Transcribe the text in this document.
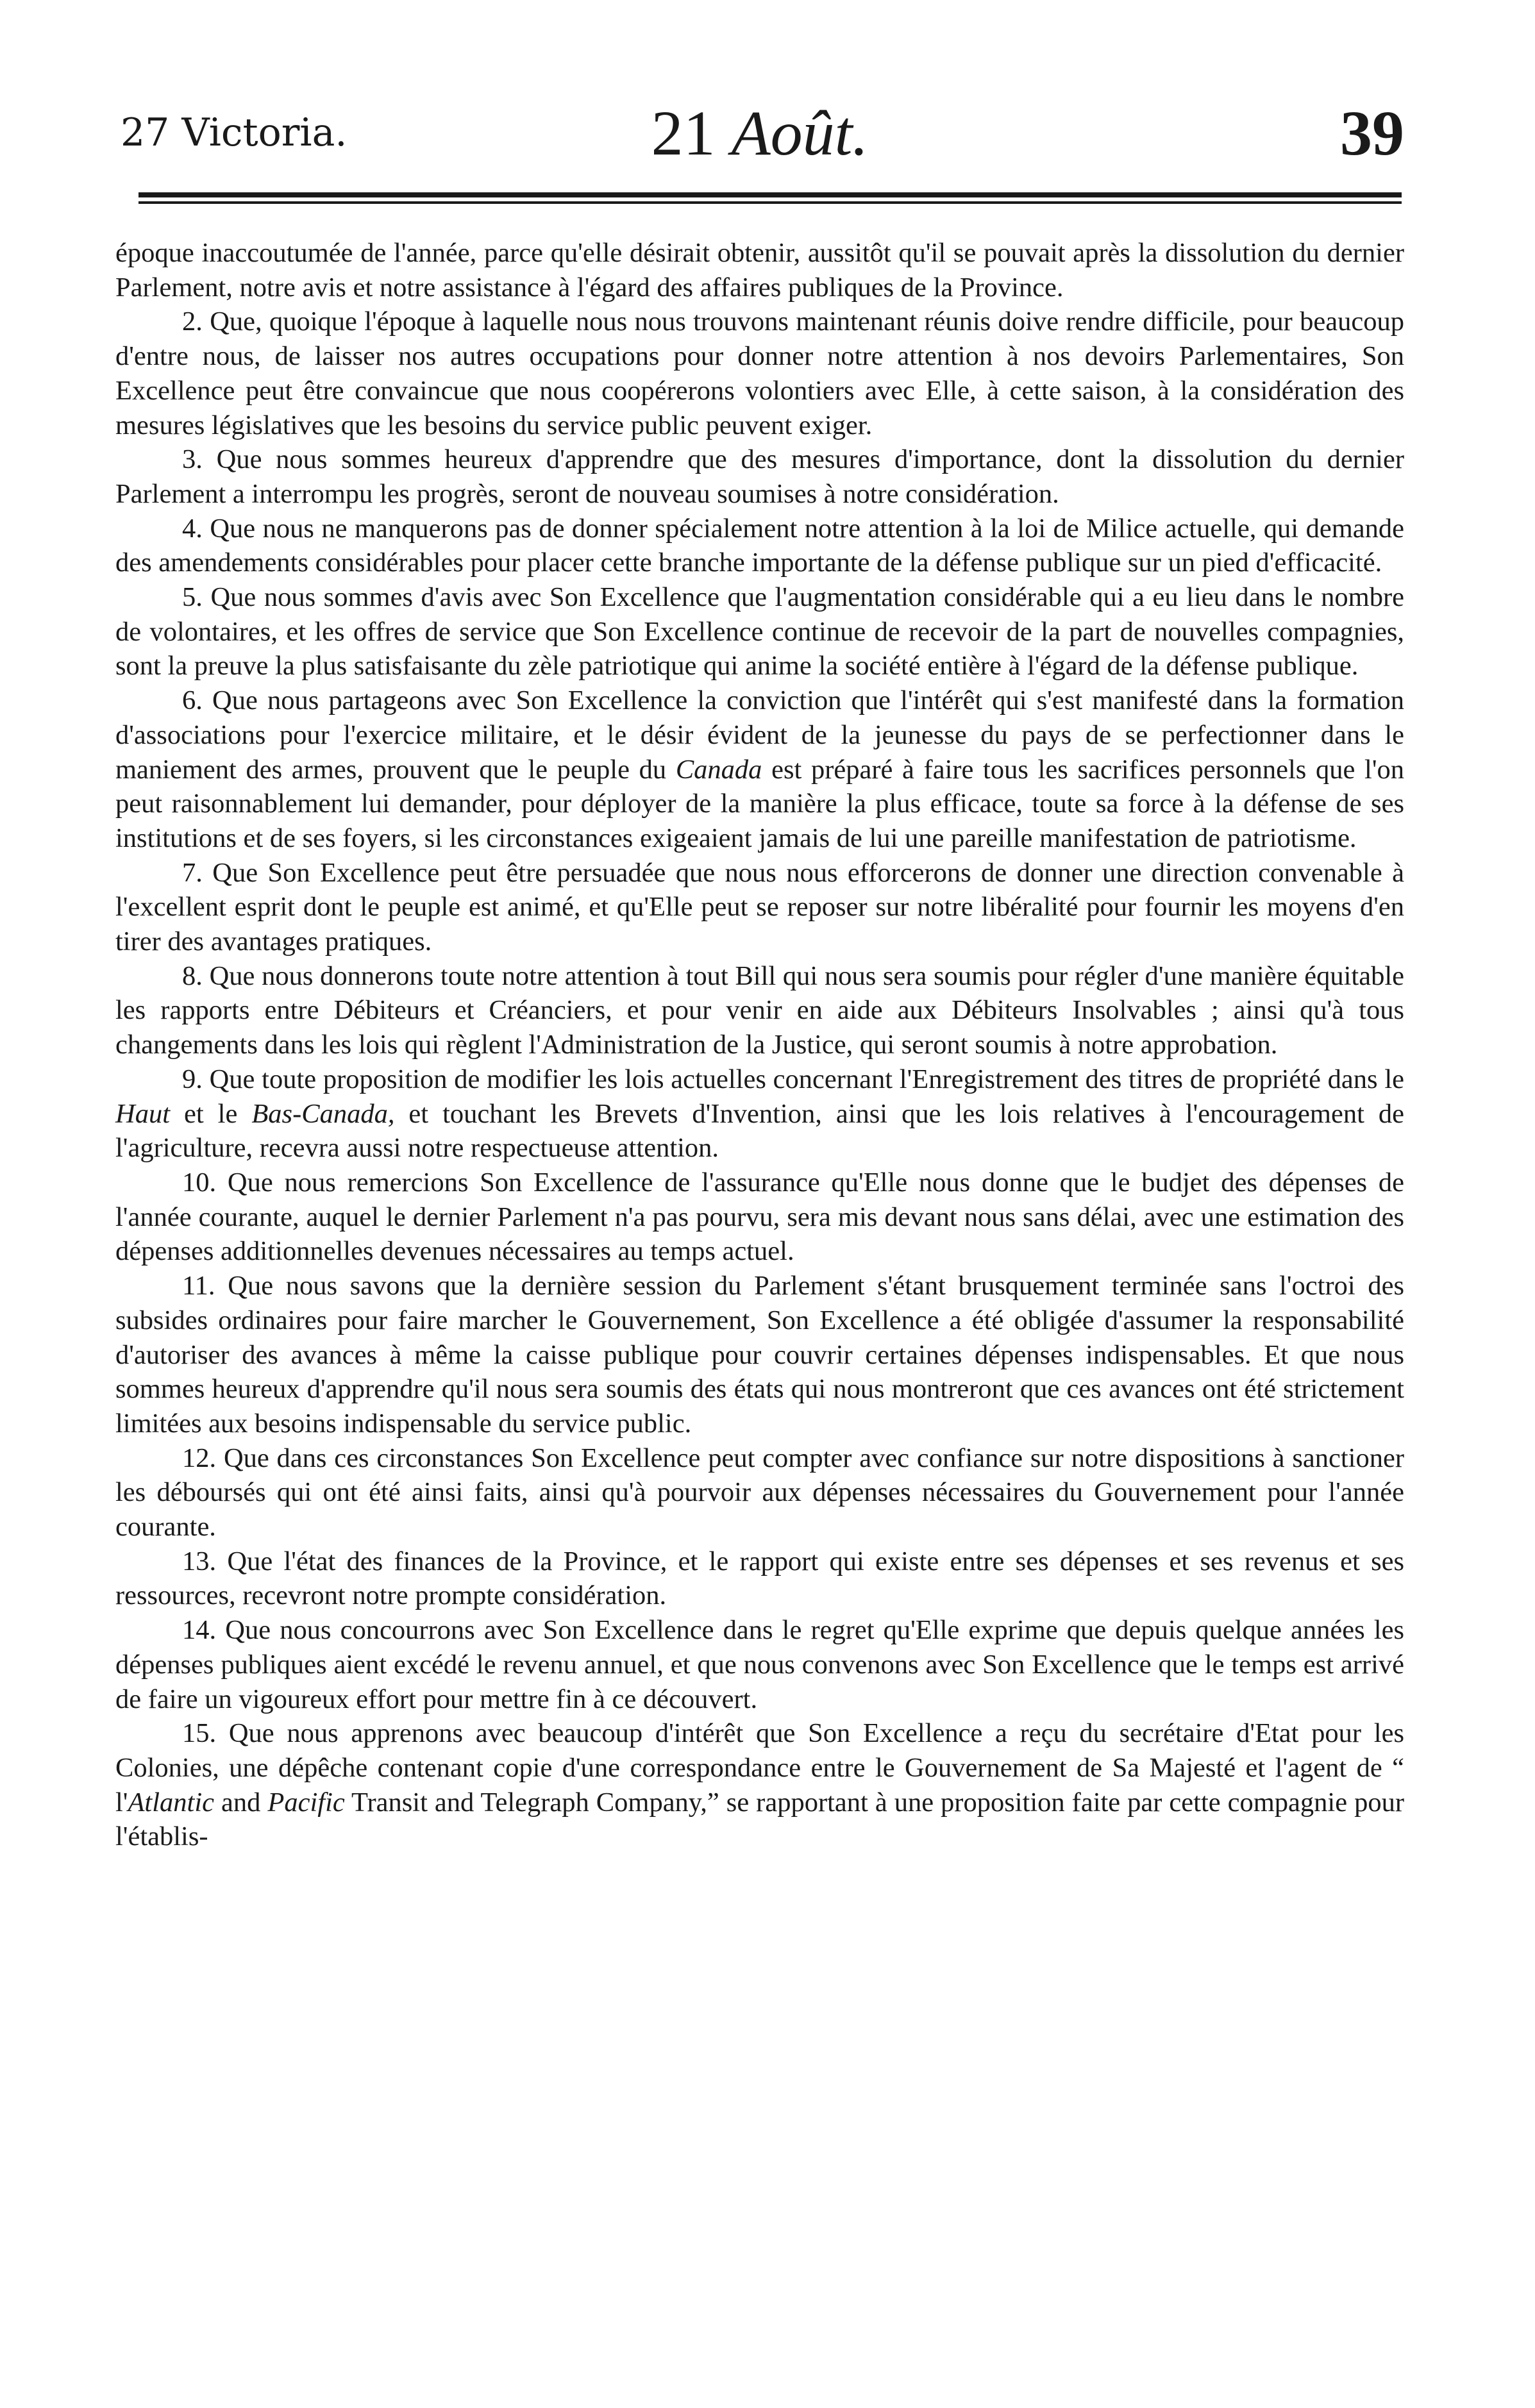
27 Victoria.	21 Août.	39

époque inaccoutumée de l'année, parce qu'elle désirait obtenir, aussitôt qu'il se pouvait après la dissolution du dernier Parlement, notre avis et notre assistance à l'égard des affaires publiques de la Province.

2. Que, quoique l'époque à laquelle nous nous trouvons maintenant réunis doive rendre difficile, pour beaucoup d'entre nous, de laisser nos autres occupations pour donner notre attention à nos devoirs Parlementaires, Son Excellence peut être convaincue que nous coopérerons volontiers avec Elle, à cette saison, à la considération des mesures législatives que les besoins du service public peuvent exiger.

3. Que nous sommes heureux d'apprendre que des mesures d'importance, dont la dissolution du dernier Parlement a interrompu les progrès, seront de nouveau soumises à notre considération.

4. Que nous ne manquerons pas de donner spécialement notre attention à la loi de Milice actuelle, qui demande des amendements considérables pour placer cette branche importante de la défense publique sur un pied d'efficacité.

5. Que nous sommes d'avis avec Son Excellence que l'augmentation considérable qui a eu lieu dans le nombre de volontaires, et les offres de service que Son Excellence continue de recevoir de la part de nouvelles compagnies, sont la preuve la plus satisfaisante du zèle patriotique qui anime la société entière à l'égard de la défense publique.

6. Que nous partageons avec Son Excellence la conviction que l'intérêt qui s'est manifesté dans la formation d'associations pour l'exercice militaire, et le désir évident de la jeunesse du pays de se perfectionner dans le maniement des armes, prouvent que le peuple du Canada est préparé à faire tous les sacrifices personnels que l'on peut raisonnablement lui demander, pour déployer de la manière la plus efficace, toute sa force à la défense de ses institutions et de ses foyers, si les circonstances exigeaient jamais de lui une pareille manifestation de patriotisme.

7. Que Son Excellence peut être persuadée que nous nous efforcerons de donner une direction convenable à l'excellent esprit dont le peuple est animé, et qu'Elle peut se reposer sur notre libéralité pour fournir les moyens d'en tirer des avantages pratiques.

8. Que nous donnerons toute notre attention à tout Bill qui nous sera soumis pour régler d'une manière équitable les rapports entre Débiteurs et Créanciers, et pour venir en aide aux Débiteurs Insolvables ; ainsi qu'à tous changements dans les lois qui règlent l'Administration de la Justice, qui seront soumis à notre approbation.

9. Que toute proposition de modifier les lois actuelles concernant l'Enregistrement des titres de propriété dans le Haut et le Bas-Canada, et touchant les Brevets d'Invention, ainsi que les lois relatives à l'encouragement de l'agriculture, recevra aussi notre respectueuse attention.

10. Que nous remercions Son Excellence de l'assurance qu'Elle nous donne que le budjet des dépenses de l'année courante, auquel le dernier Parlement n'a pas pourvu, sera mis devant nous sans délai, avec une estimation des dépenses additionnelles devenues nécessaires au temps actuel.

11. Que nous savons que la dernière session du Parlement s'étant brusquement terminée sans l'octroi des subsides ordinaires pour faire marcher le Gouvernement, Son Excellence a été obligée d'assumer la responsabilité d'autoriser des avances à même la caisse publique pour couvrir certaines dépenses indispensables. Et que nous sommes heureux d'apprendre qu'il nous sera soumis des états qui nous montreront que ces avances ont été strictement limitées aux besoins indispensable du service public.

12. Que dans ces circonstances Son Excellence peut compter avec confiance sur notre dispositions à sanctioner les déboursés qui ont été ainsi faits, ainsi qu'à pourvoir aux dépenses nécessaires du Gouvernement pour l'année courante.

13. Que l'état des finances de la Province, et le rapport qui existe entre ses dépenses et ses revenus et ses ressources, recevront notre prompte considération.

14. Que nous concourrons avec Son Excellence dans le regret qu'Elle exprime que depuis quelque années les dépenses publiques aient excédé le revenu annuel, et que nous convenons avec Son Excellence que le temps est arrivé de faire un vigoureux effort pour mettre fin à ce découvert.

15. Que nous apprenons avec beaucoup d'intérêt que Son Excellence a reçu du secrétaire d'Etat pour les Colonies, une dépêche contenant copie d'une correspondance entre le Gouvernement de Sa Majesté et l'agent de “ l'Atlantic and Pacific Transit and Telegraph Company,” se rapportant à une proposition faite par cette compagnie pour l'établis-
